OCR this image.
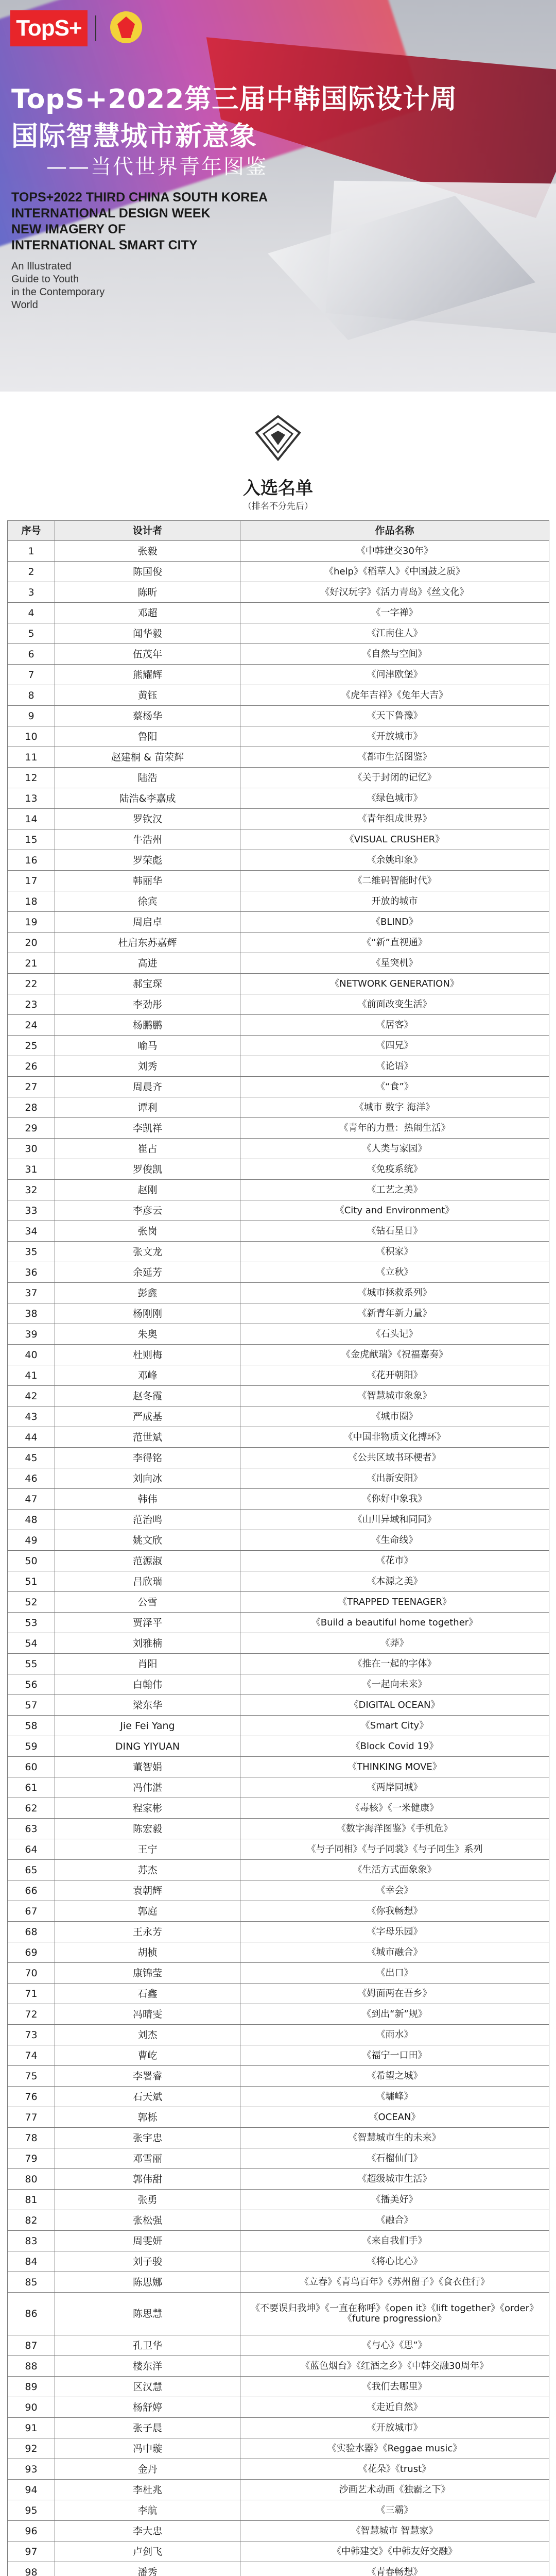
TopS+
TopS+2022第三届中韩国际设计周
国际智慧城市新意象
——当代世界青年图鉴
TOPS+2022 THIRD CHINA SOUTH KOREA
INTERNATIONAL DESIGN WEEK
NEW IMAGERY OF
INTERNATIONAL SMART CITY
An Illustrated
Guide to Youth
in the Contemporary
World
入选名单
（排名不分先后）
序号	设计者	作品名称
1	张毅	《中韩建交30年》
2	陈国俊	《help》《稻草人》《中国鼓之质》
3	陈昕	《好汉玩字》《活力青岛》《丝文化》
4	邓超	《一字禅》
5	闻华毅	《江南住人》
6	伍茂年	《自然与空间》
7	熊耀辉	《问津欧堡》
8	黄钰	《虎年吉祥》《兔年大吉》
9	蔡杨华	《天下鲁豫》
10	鲁阳	《开放城市》
11	赵建桐 & 苗荣辉	《都市生活图鉴》
12	陆浩	《关于封闭的记忆》
13	陆浩&李嘉成	《绿色城市》
14	罗钦汉	《青年组成世界》
15	牛浩州	《VISUAL CRUSHER》
16	罗荣彪	《余姚印象》
17	韩丽华	《二维码智能时代》
18	徐宾	开放的城市
19	周启卓	《BLIND》
20	杜启东苏嘉辉	《“新”直视通》
21	高进	《星突机》
22	郝宝琛	《NETWORK GENERATION》
23	李劲彤	《前面改变生活》
24	杨鹏鹏	《居客》
25	喻马	《四兄》
26	刘秀	《论语》
27	周晨齐	《“食”》
28	谭利	《城市 数字 海洋》
29	李凯祥	《青年的力量：热闹生活》
30	崔占	《人类与家园》
31	罗俊凯	《免疫系统》
32	赵刚	《工艺之美》
33	李彦云	《City and Environment》
34	张岗	《钻石星日》
35	张文龙	《积家》
36	余延芳	《立秋》
37	彭鑫	《城市拯救系列》
38	杨刚刚	《新青年新力量》
39	朱奥	《石头记》
40	杜则梅	《金虎献瑞》《祝福嘉奏》
41	邓峰	《花开朝阳》
42	赵冬霞	《智慧城市象象》
43	严成基	《城市圈》
44	范世斌	《中国非物质文化搏环》
45	李得铭	《公共区域书环梗者》
46	刘向冰	《出新安阳》
47	韩伟	《你好中象我》
48	范治鸣	《山川异域和同同》
49	姚文欣	《生命线》
50	范源淑	《花市》
51	吕欣瑞	《本源之美》
52	公雪	《TRAPPED TEENAGER》
53	贾泽平	《Build a beautiful home together》
54	刘雅楠	《莽》
55	肖阳	《推在一起的字体》
56	白翰伟	《一起向未来》
57	梁东华	《DIGITAL OCEAN》
58	Jie Fei Yang	《Smart City》
59	DING YIYUAN	《Block Covid 19》
60	董智娟	《THINKING MOVE》
61	冯伟湛	《两岸同城》
62	程家彬	《毒核》《一米健康》
63	陈宏毅	《数字海洋图鉴》《手机危》
64	王宁	《与子同相》《与子同裳》《与子同生》系列
65	苏杰	《生活方式面象象》
66	袁朝辉	《幸会》
67	郭庭	《你我畅想》
68	王永芳	《字母乐园》
69	胡桢	《城市融合》
70	康锦莹	《出口》
71	石鑫	《姆面两在吾乡》
72	冯晴雯	《到出“新”规》
73	刘杰	《雨水》
74	曹屹	《福宁一口田》
75	李署睿	《希望之城》
76	石天斌	《墉峰》
77	郭栎	《OCEAN》
78	张宇忠	《智慧城市生的未来》
79	邓雪丽	《石榴仙门》
80	郭伟甜	《超级城市生活》
81	张勇	《播美好》
82	张松强	《融合》
83	周雯妍	《来自我们手》
84	刘子骏	《将心比心》
85	陈思娜	《立春》《青鸟百年》《苏州留子》《食衣住行》
86	陈思慧	《不要误归我坤》《一直在称呼》《open it》《lift together》《order》《future progression》
87	孔卫华	《与心》《思”》
88	楼东洋	《蓝色烟台》《红酒之乡》《中韩交融30周年》
89	区汉慧	《我们去哪里》
90	杨舒婷	《走近自然》
91	张子晨	《开放城市》
92	冯中璇	《实验水器》《Reggae music》
93	金丹	《花朵》《trust》
94	李杜兆	沙画艺术动画《独霸之下》
95	李航	《三霸》
96	李大忠	《智慧城市 智慧家》
97	卢剑飞	《中韩建交》《中韩友好交融》
98	潘秀	《青春畅想》
